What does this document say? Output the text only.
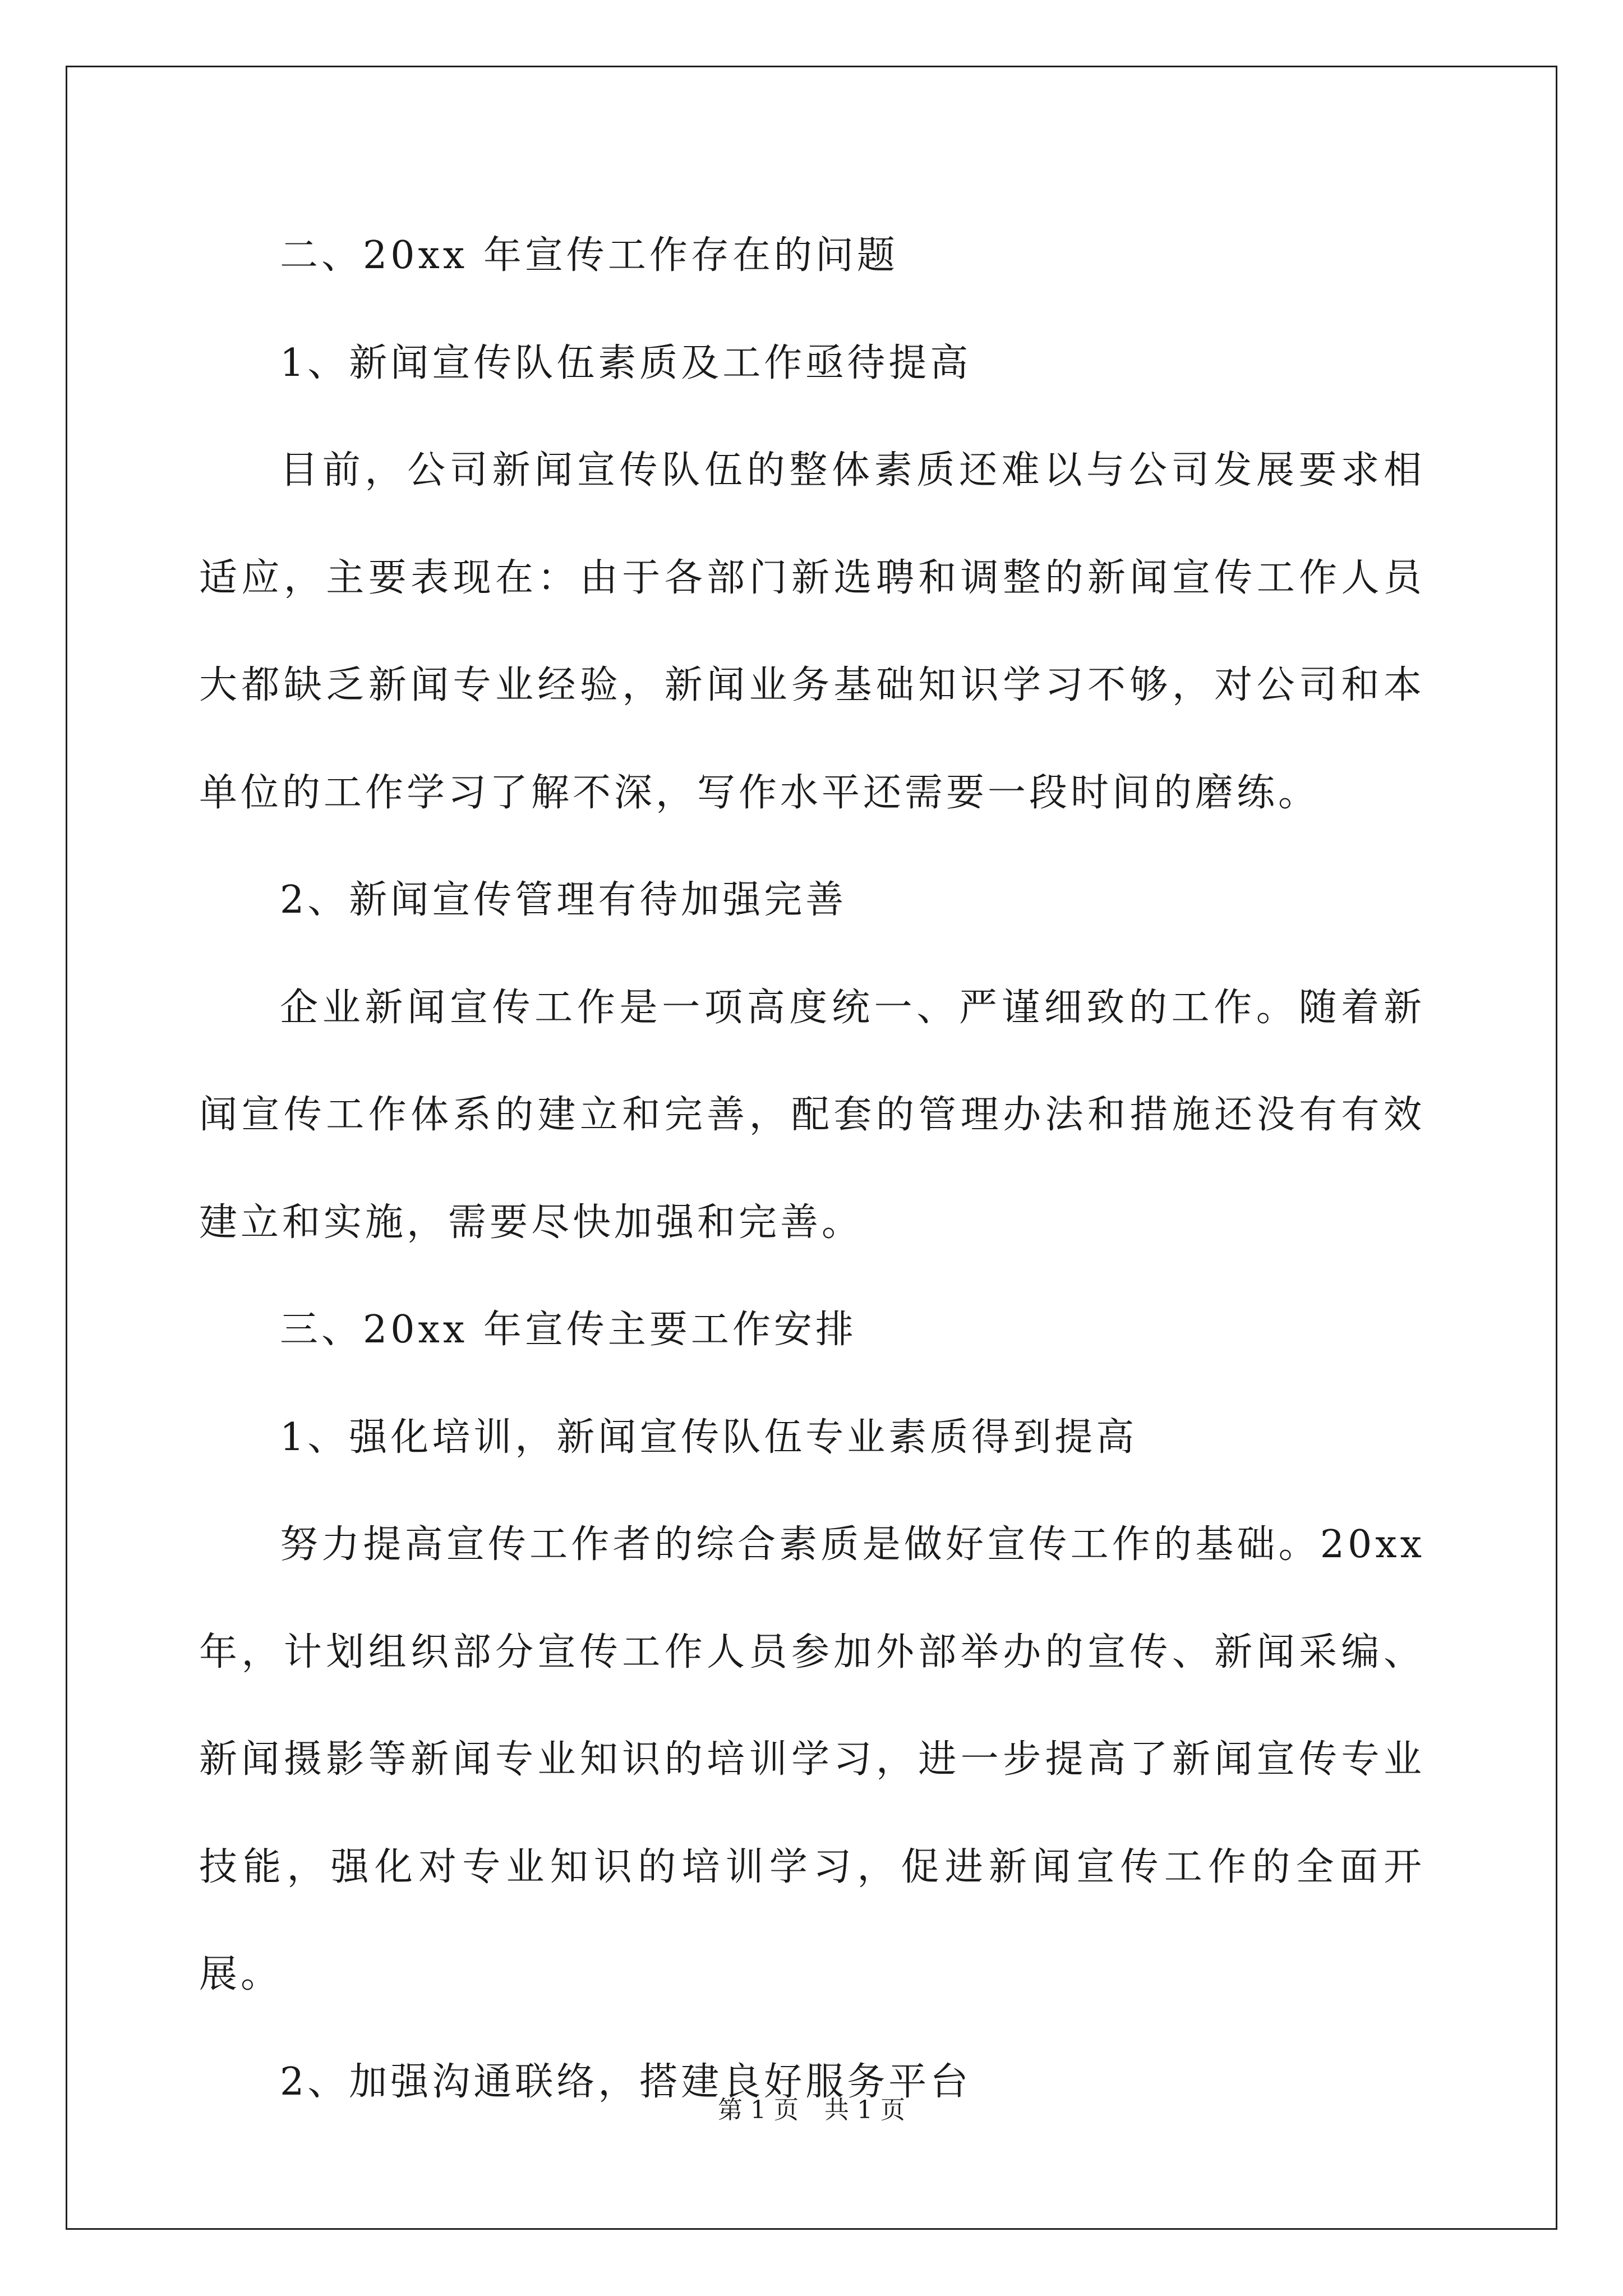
二、20xx 年宣传工作存在的问题

1、新闻宣传队伍素质及工作亟待提高

目前，公司新闻宣传队伍的整体素质还难以与公司发展要求相适应，主要表现在：由于各部门新选聘和调整的新闻宣传工作人员大都缺乏新闻专业经验，新闻业务基础知识学习不够，对公司和本单位的工作学习了解不深，写作水平还需要一段时间的磨练。

2、新闻宣传管理有待加强完善

企业新闻宣传工作是一项高度统一、严谨细致的工作。随着新闻宣传工作体系的建立和完善，配套的管理办法和措施还没有有效建立和实施，需要尽快加强和完善。

三、20xx 年宣传主要工作安排

1、强化培训，新闻宣传队伍专业素质得到提高

努力提高宣传工作者的综合素质是做好宣传工作的基础。20xx 年，计划组织部分宣传工作人员参加外部举办的宣传、新闻采编、新闻摄影等新闻专业知识的培训学习，进一步提高了新闻宣传专业技能，强化对专业知识的培训学习，促进新闻宣传工作的全面开展。

2、加强沟通联络，搭建良好服务平台

第 1 页 共 1 页
